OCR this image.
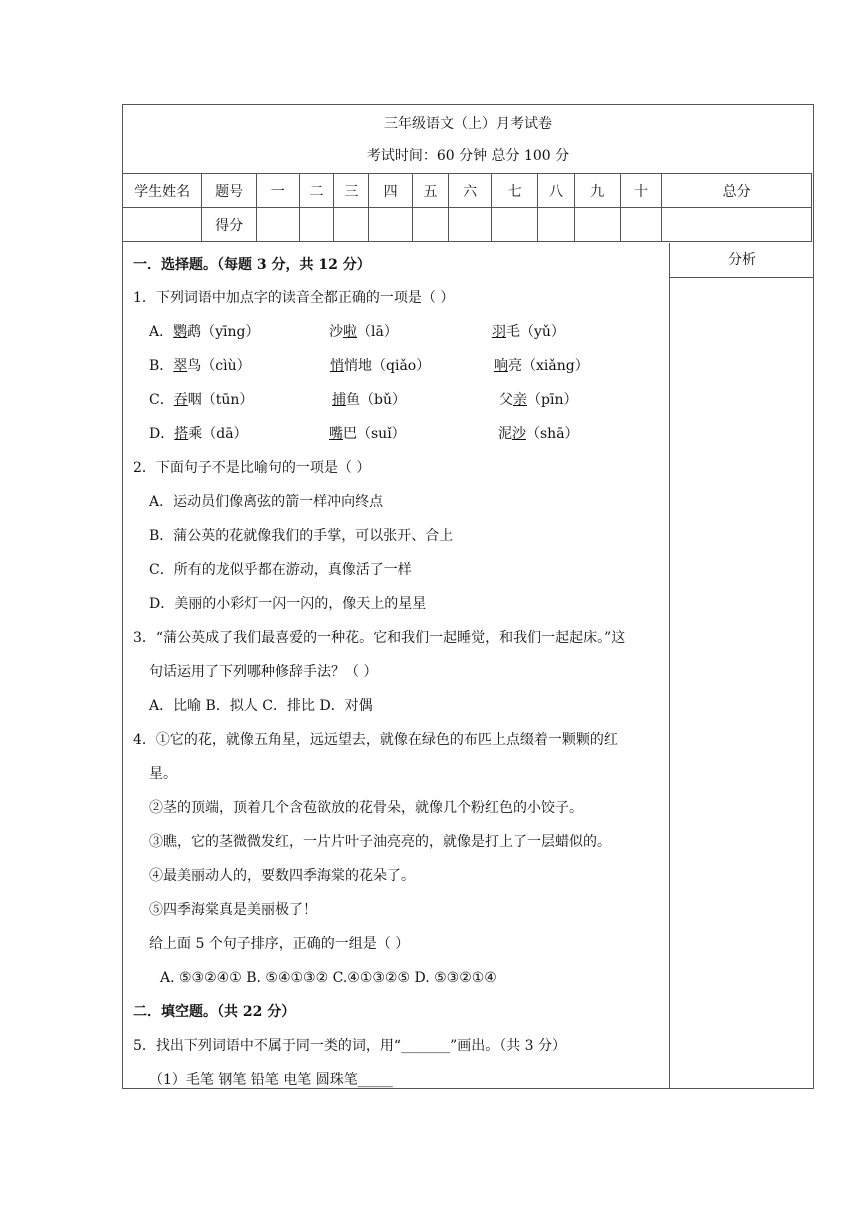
三年级语文（上）月考试卷
考试时间：60 分钟 总分 100 分
学生姓名	题号	一	二	三	四	五	六	七	八	九	十	总分
	得分											
分析
一．选择题。（每题 3 分，共 12 分）
1．下列词语中加点字的读音全都正确的一项是（ ）
A．鹦鹉（yīng）	沙啦（lā）	羽毛（yǔ）
B．翠鸟（cìù）	悄悄地（qiǎo）	响亮（xiǎng）
C．吞咽（tūn）	捕鱼（bǔ）	父亲（pīn）
D．搭乘（dā）	嘴巴（suǐ）	泥沙（shā）
2．下面句子不是比喻句的一项是（ ）
A．运动员们像离弦的箭一样冲向终点
B．蒲公英的花就像我们的手掌，可以张开、合上
C．所有的龙似乎都在游动，真像活了一样
D．美丽的小彩灯一闪一闪的，像天上的星星
3．“蒲公英成了我们最喜爱的一种花。它和我们一起睡觉，和我们一起起床。”这
句话运用了下列哪种修辞手法？（ ）
A．比喻 B．拟人 C．排比 D．对偶
4．①它的花，就像五角星，远远望去，就像在绿色的布匹上点缀着一颗颗的红
星。
②茎的顶端，顶着几个含苞欲放的花骨朵，就像几个粉红色的小饺子。
③瞧，它的茎微微发红，一片片叶子油亮亮的，就像是打上了一层蜡似的。
④最美丽动人的，要数四季海棠的花朵了。
⑤四季海棠真是美丽极了！
给上面 5 个句子排序，正确的一组是（ ）
A. ⑤③②④① B. ⑤④①③② C.④①③②⑤ D. ⑤③②①④
二．填空题。（共 22 分）
5．找出下列词语中不属于同一类的词，用“_______”画出。（共 3 分）
（1）毛笔 钢笔 铅笔 电笔 圆珠笔_____
